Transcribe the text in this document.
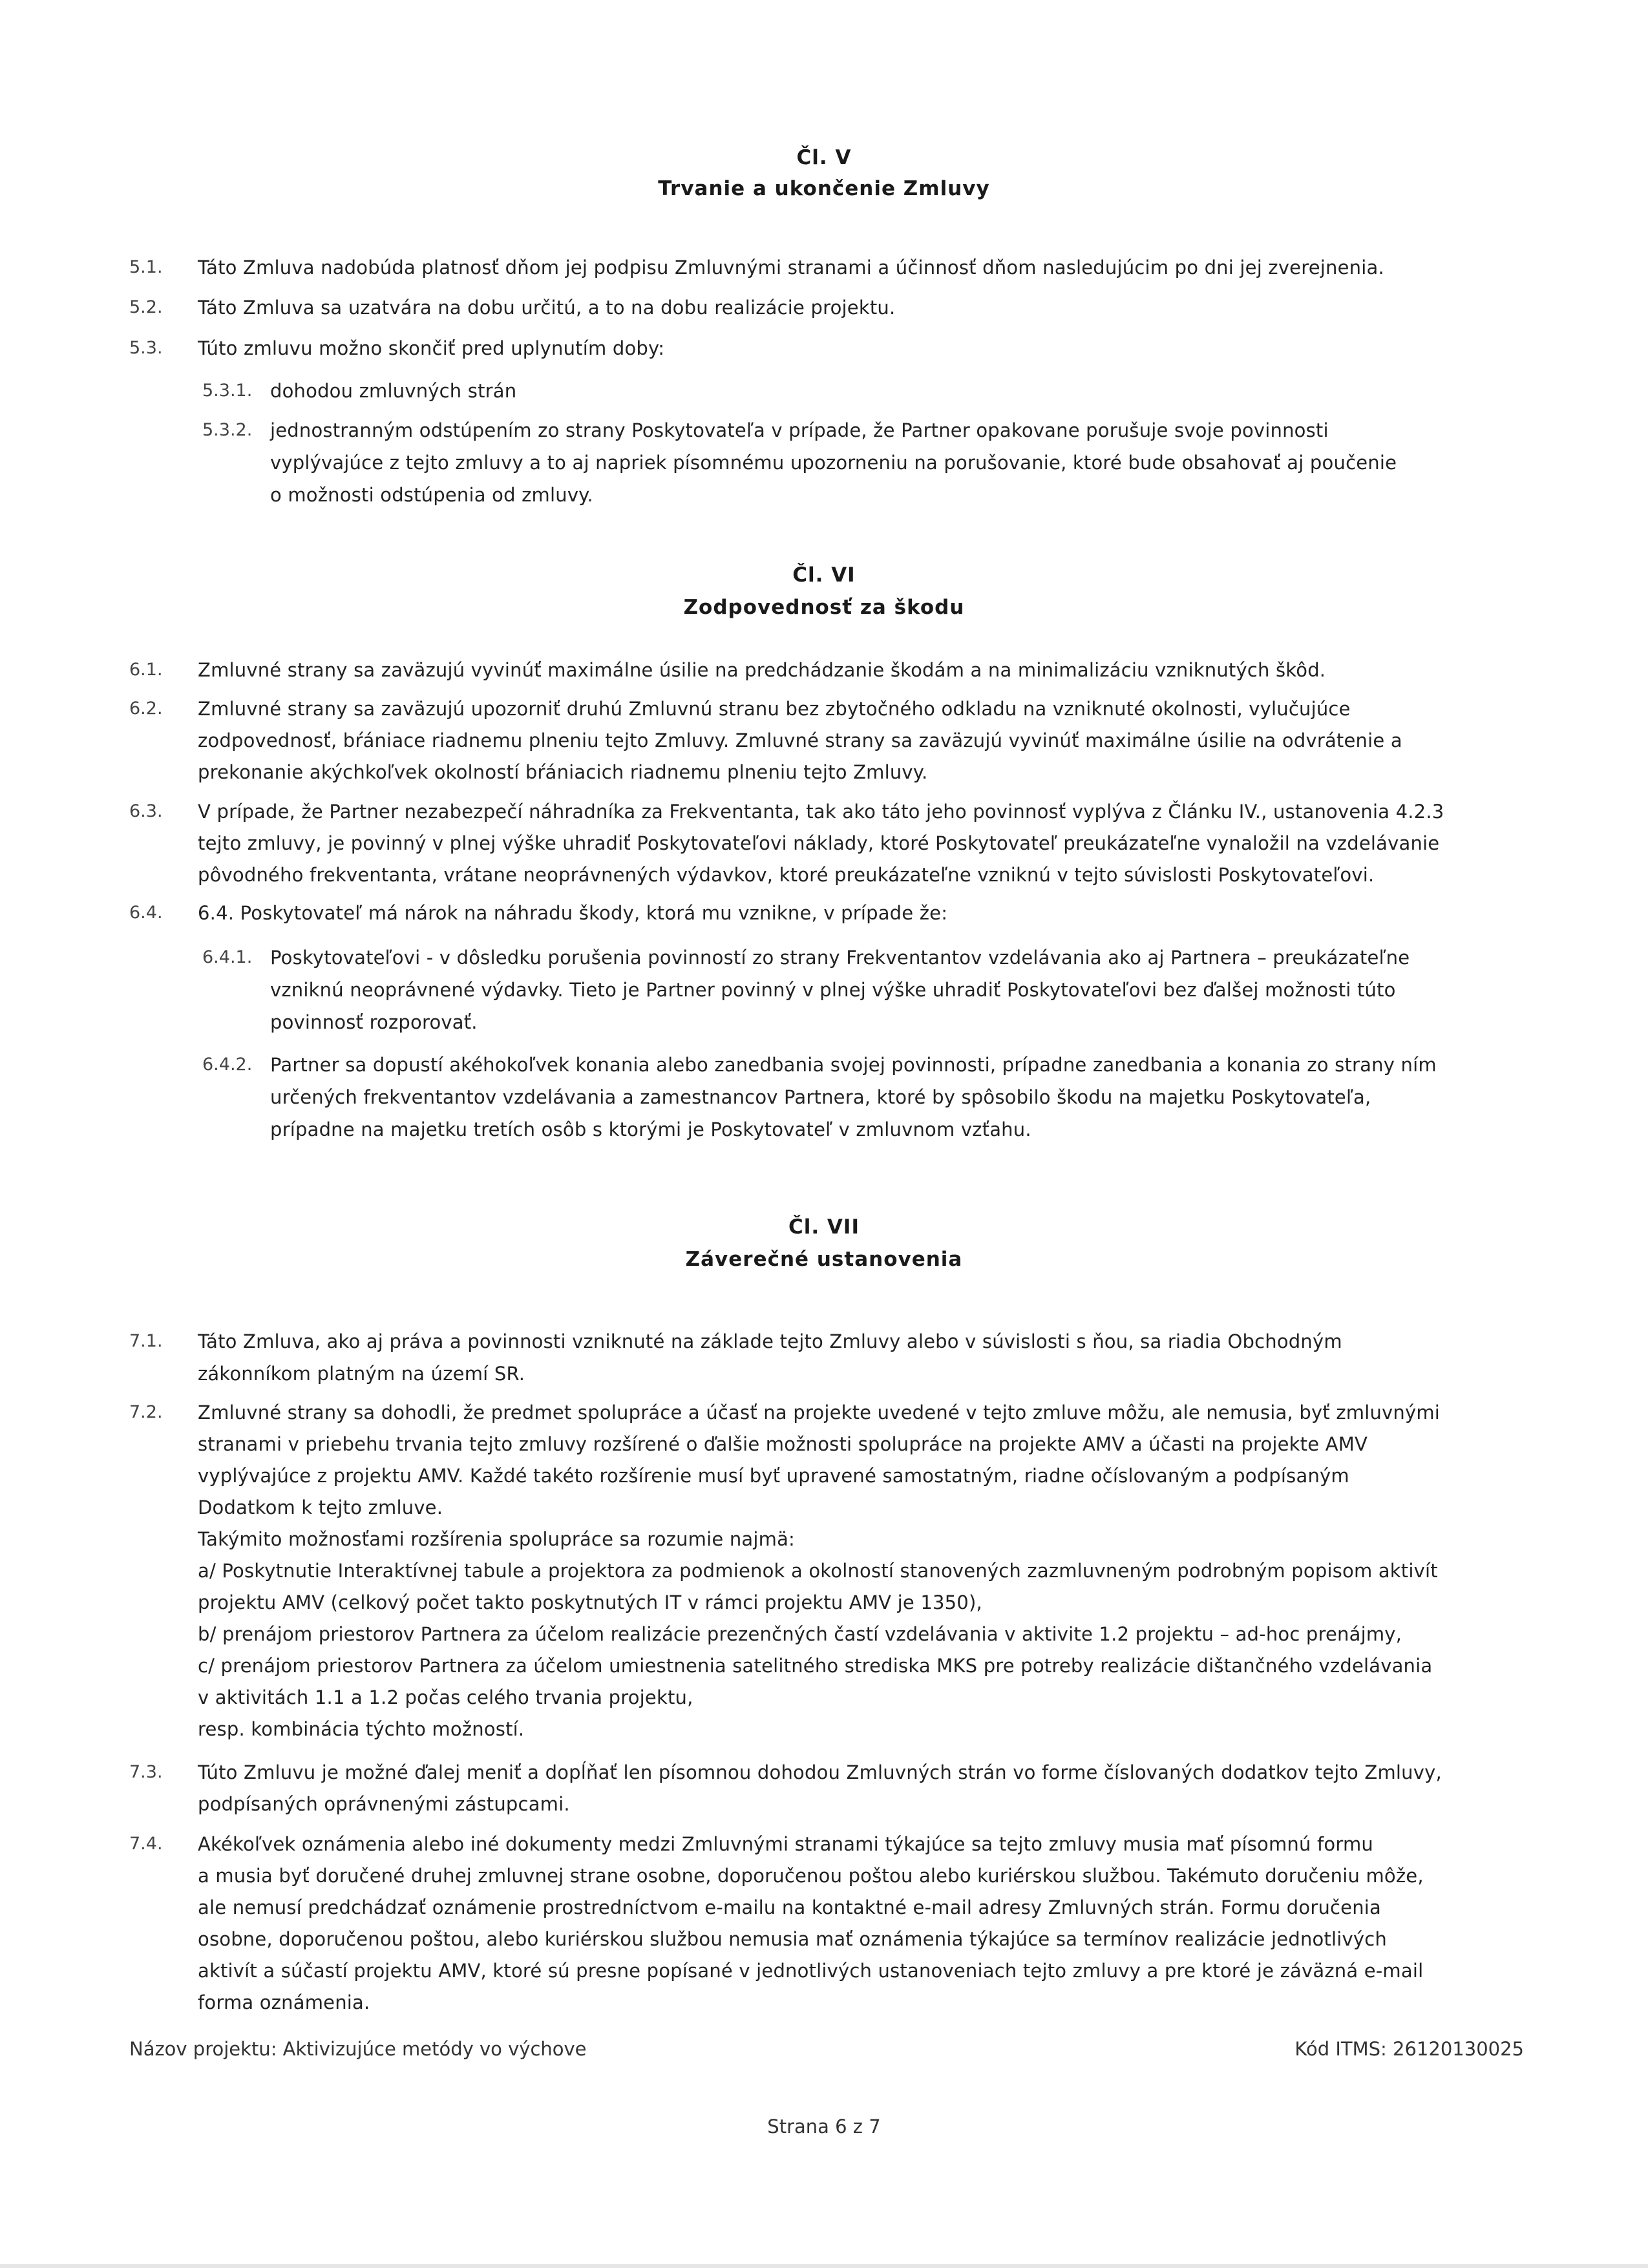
Čl. V
Trvanie a ukončenie Zmluvy
5.1. Táto Zmluva nadobúda platnosť dňom jej podpisu Zmluvnými stranami a účinnosť dňom nasledujúcim po dni jej zverejnenia.
5.2. Táto Zmluva sa uzatvára na dobu určitú, a to na dobu realizácie projektu.
5.3. Túto zmluvu možno skončiť pred uplynutím doby:
5.3.1. dohodou zmluvných strán
5.3.2. jednostranným odstúpením zo strany Poskytovateľa v prípade, že Partner opakovane porušuje svoje povinnosti
vyplývajúce z tejto zmluvy a to aj napriek písomnému upozorneniu na porušovanie, ktoré bude obsahovať aj poučenie
o možnosti odstúpenia od zmluvy.
Čl. VI
Zodpovednosť za škodu
6.1. Zmluvné strany sa zaväzujú vyvinúť maximálne úsilie na predchádzanie škodám a na minimalizáciu vzniknutých škôd.
6.2. Zmluvné strany sa zaväzujú upozorniť druhú Zmluvnú stranu bez zbytočného odkladu na vzniknuté okolnosti, vylučujúce
zodpovednosť, bŕániace riadnemu plneniu tejto Zmluvy. Zmluvné strany sa zaväzujú vyvinúť maximálne úsilie na odvrátenie a
prekonanie akýchkoľvek okolností bŕániacich riadnemu plneniu tejto Zmluvy.
6.3. V prípade, že Partner nezabezpečí náhradníka za Frekventanta, tak ako táto jeho povinnosť vyplýva z Článku IV., ustanovenia 4.2.3
tejto zmluvy, je povinný v plnej výške uhradiť Poskytovateľovi náklady, ktoré Poskytovateľ preukázateľne vynaložil na vzdelávanie
pôvodného frekventanta, vrátane neoprávnených výdavkov, ktoré preukázateľne vzniknú v tejto súvislosti Poskytovateľovi.
6.4. 6.4. Poskytovateľ má nárok na náhradu škody, ktorá mu vznikne, v prípade že:
6.4.1. Poskytovateľovi - v dôsledku porušenia povinností zo strany Frekventantov vzdelávania ako aj Partnera – preukázateľne
vzniknú neoprávnené výdavky. Tieto je Partner povinný v plnej výške uhradiť Poskytovateľovi bez ďalšej možnosti túto
povinnosť rozporovať.
6.4.2. Partner sa dopustí akéhokoľvek konania alebo zanedbania svojej povinnosti, prípadne zanedbania a konania zo strany ním
určených frekventantov vzdelávania a zamestnancov Partnera, ktoré by spôsobilo škodu na majetku Poskytovateľa,
prípadne na majetku tretích osôb s ktorými je Poskytovateľ v zmluvnom vzťahu.
Čl. VII
Záverečné ustanovenia
7.1. Táto Zmluva, ako aj práva a povinnosti vzniknuté na základe tejto Zmluvy alebo v súvislosti s ňou, sa riadia Obchodným
zákonníkom platným na území SR.
7.2. Zmluvné strany sa dohodli, že predmet spolupráce a účasť na projekte uvedené v tejto zmluve môžu, ale nemusia, byť zmluvnými
stranami v priebehu trvania tejto zmluvy rozšírené o ďalšie možnosti spolupráce na projekte AMV a účasti na projekte AMV
vyplývajúce z projektu AMV. Každé takéto rozšírenie musí byť upravené samostatným, riadne očíslovaným a podpísaným
Dodatkom k tejto zmluve.
Takýmito možnosťami rozšírenia spolupráce sa rozumie najmä:
a/ Poskytnutie Interaktívnej tabule a projektora za podmienok a okolností stanovených zazmluvneným podrobným popisom aktivít
projektu AMV (celkový počet takto poskytnutých IT v rámci projektu AMV je 1350),
b/ prenájom priestorov Partnera za účelom realizácie prezenčných častí vzdelávania v aktivite 1.2 projektu – ad-hoc prenájmy,
c/ prenájom priestorov Partnera za účelom umiestnenia satelitného strediska MKS pre potreby realizácie dištančného vzdelávania
v aktivitách 1.1 a 1.2 počas celého trvania projektu,
resp. kombinácia týchto možností.
7.3. Túto Zmluvu je možné ďalej meniť a dopĺňať len písomnou dohodou Zmluvných strán vo forme číslovaných dodatkov tejto Zmluvy,
podpísaných oprávnenými zástupcami.
7.4. Akékoľvek oznámenia alebo iné dokumenty medzi Zmluvnými stranami týkajúce sa tejto zmluvy musia mať písomnú formu
a musia byť doručené druhej zmluvnej strane osobne, doporučenou poštou alebo kuriérskou službou. Takémuto doručeniu môže,
ale nemusí predchádzať oznámenie prostredníctvom e-mailu na kontaktné e-mail adresy Zmluvných strán. Formu doručenia
osobne, doporučenou poštou, alebo kuriérskou službou nemusia mať oznámenia týkajúce sa termínov realizácie jednotlivých
aktivít a súčastí projektu AMV, ktoré sú presne popísané v jednotlivých ustanoveniach tejto zmluvy a pre ktoré je záväzná e-mail
forma oznámenia.
Názov projektu: Aktivizujúce metódy vo výchove	Kód ITMS: 26120130025
Strana 6 z 7
